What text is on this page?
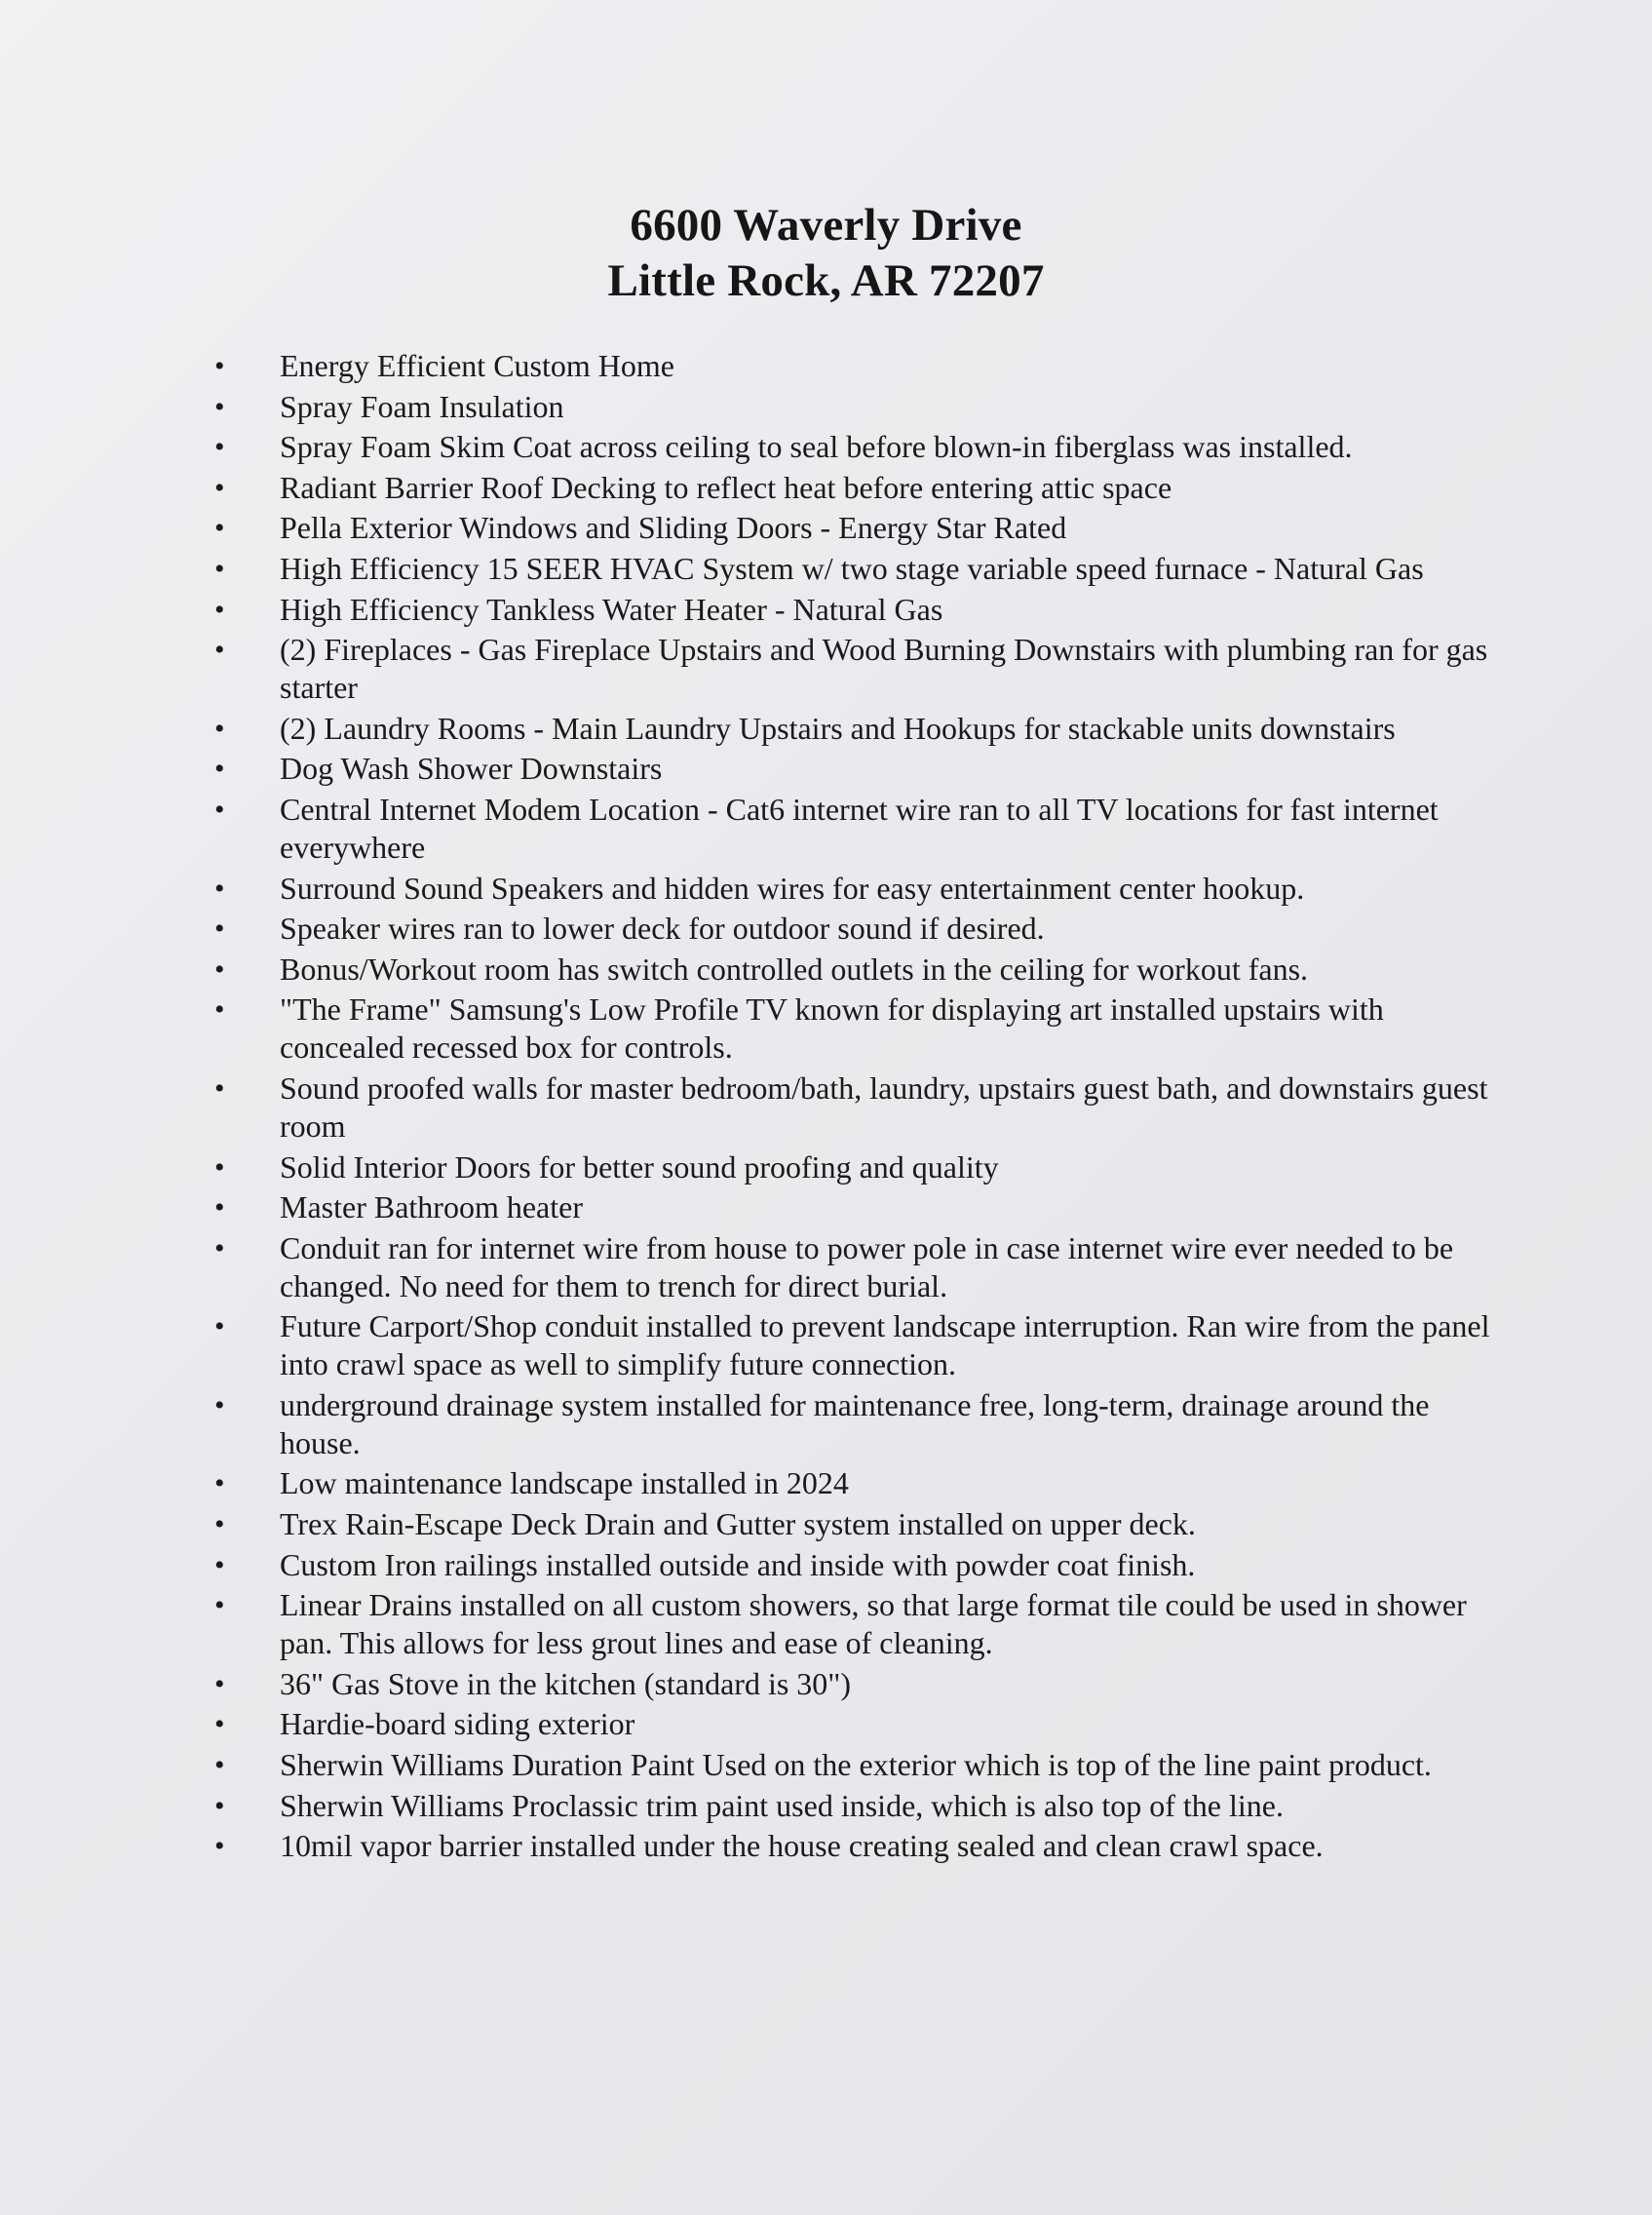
6600 Waverly Drive
Little Rock, AR 72207
• Energy Efficient Custom Home
• Spray Foam Insulation
• Spray Foam Skim Coat across ceiling to seal before blown-in fiberglass was installed.
• Radiant Barrier Roof Decking to reflect heat before entering attic space
• Pella Exterior Windows and Sliding Doors - Energy Star Rated
• High Efficiency 15 SEER HVAC System w/ two stage variable speed furnace - Natural Gas
• High Efficiency Tankless Water Heater - Natural Gas
• (2) Fireplaces - Gas Fireplace Upstairs and Wood Burning Downstairs with plumbing ran for gas starter
• (2) Laundry Rooms - Main Laundry Upstairs and Hookups for stackable units downstairs
• Dog Wash Shower Downstairs
• Central Internet Modem Location - Cat6 internet wire ran to all TV locations for fast internet everywhere
• Surround Sound Speakers and hidden wires for easy entertainment center hookup.
• Speaker wires ran to lower deck for outdoor sound if desired.
• Bonus/Workout room has switch controlled outlets in the ceiling for workout fans.
• "The Frame" Samsung's Low Profile TV known for displaying art installed upstairs with concealed recessed box for controls.
• Sound proofed walls for master bedroom/bath, laundry, upstairs guest bath, and downstairs guest room
• Solid Interior Doors for better sound proofing and quality
• Master Bathroom heater
• Conduit ran for internet wire from house to power pole in case internet wire ever needed to be changed. No need for them to trench for direct burial.
• Future Carport/Shop conduit installed to prevent landscape interruption. Ran wire from the panel into crawl space as well to simplify future connection.
• underground drainage system installed for maintenance free, long-term, drainage around the house.
• Low maintenance landscape installed in 2024
• Trex Rain-Escape Deck Drain and Gutter system installed on upper deck.
• Custom Iron railings installed outside and inside with powder coat finish.
• Linear Drains installed on all custom showers, so that large format tile could be used in shower pan. This allows for less grout lines and ease of cleaning.
• 36" Gas Stove in the kitchen (standard is 30")
• Hardie-board siding exterior
• Sherwin Williams Duration Paint Used on the exterior which is top of the line paint product.
• Sherwin Williams Proclassic trim paint used inside, which is also top of the line.
• 10mil vapor barrier installed under the house creating sealed and clean crawl space.
